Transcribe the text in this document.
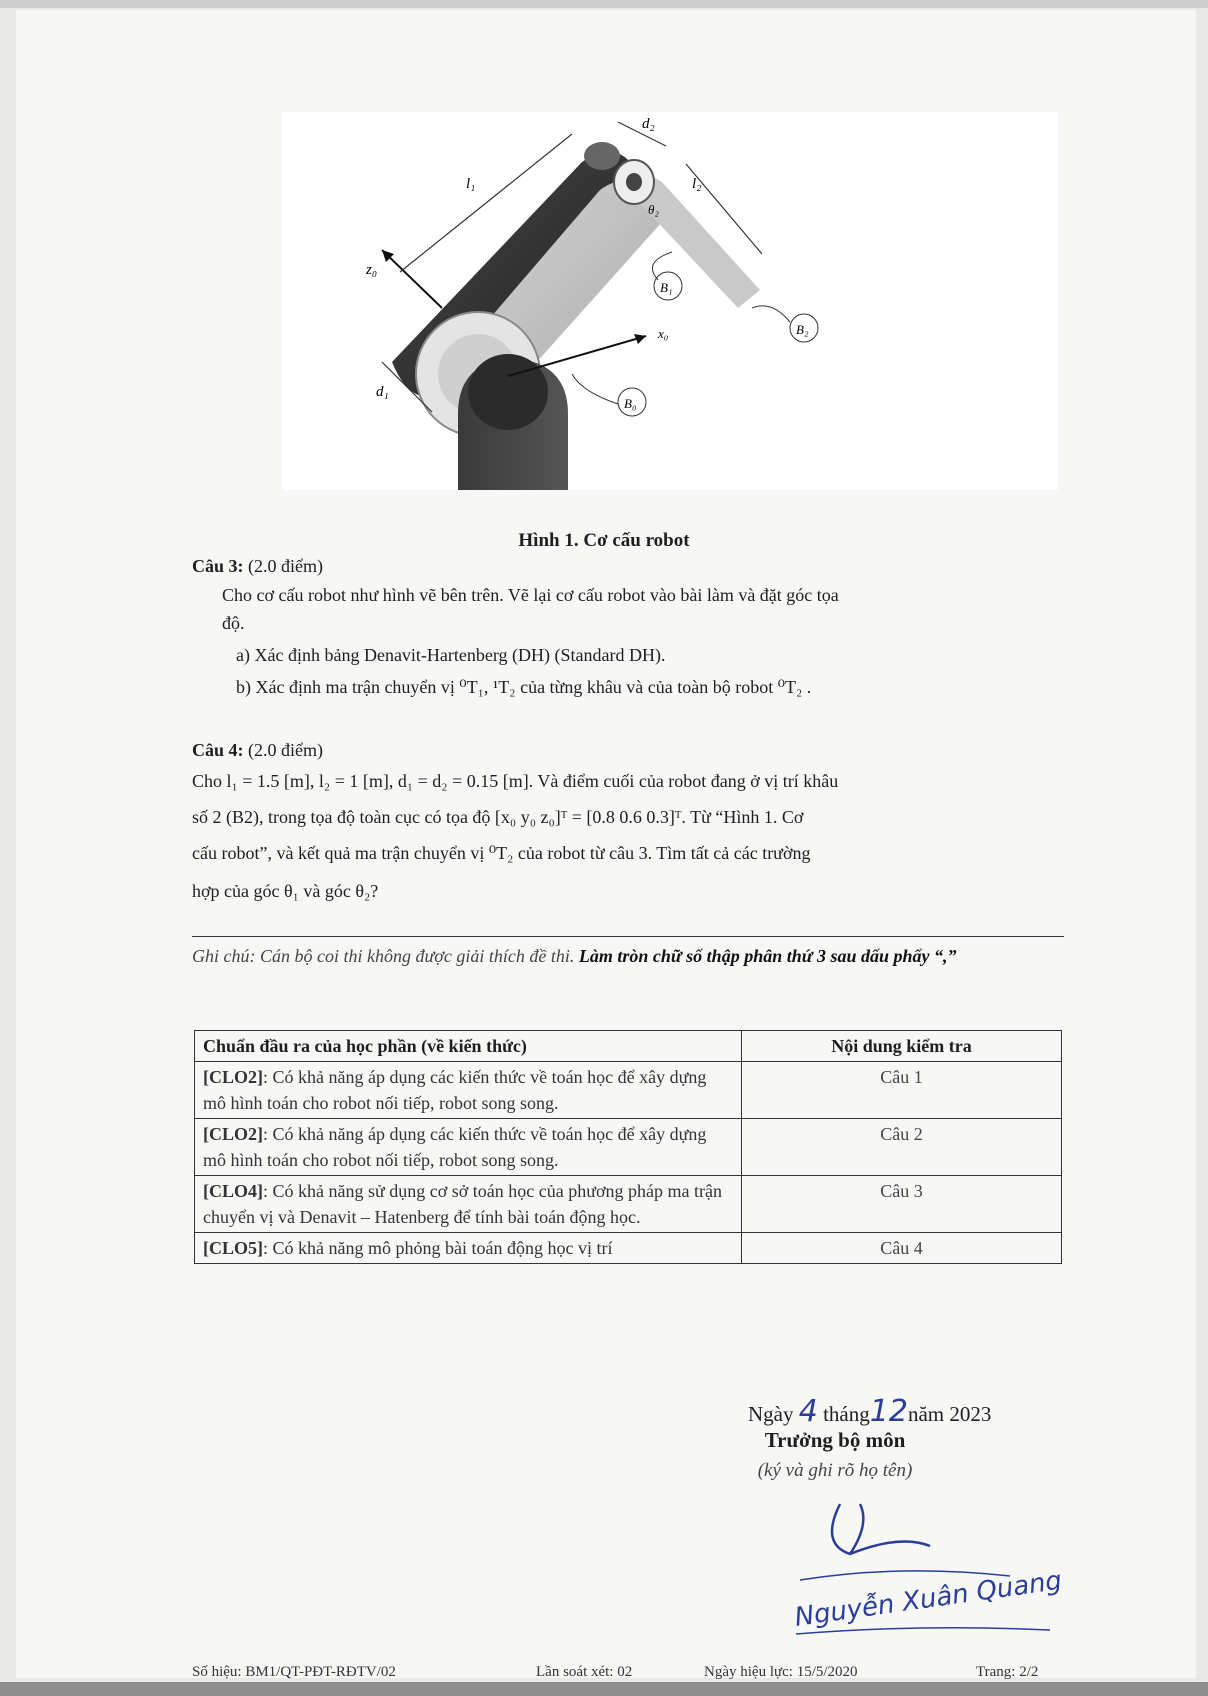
d₂
l₁	l₂
z₀
x₀
d₁
θ₂
B₁
B₂
B₀
Hình 1. Cơ cấu robot
Câu 3: (2.0 điểm)
Cho cơ cấu robot như hình vẽ bên trên. Vẽ lại cơ cấu robot vào bài làm và đặt góc tọa
độ.
a) Xác định bảng Denavit-Hartenberg (DH) (Standard DH).
b) Xác định ma trận chuyển vị ⁰T₁, ¹T₂ của từng khâu và của toàn bộ robot ⁰T₂ .
Câu 4: (2.0 điểm)
Cho l₁ = 1.5 [m], l₂ = 1 [m], d₁ = d₂ = 0.15 [m]. Và điểm cuối của robot đang ở vị trí khâu
số 2 (B2), trong tọa độ toàn cục có tọa độ [x₀ y₀ z₀]ᵀ = [0.8 0.6 0.3]ᵀ. Từ “Hình 1. Cơ
cấu robot”, và kết quả ma trận chuyển vị ⁰T₂ của robot từ câu 3. Tìm tất cả các trường
hợp của góc θ₁ và góc θ₂?
Ghi chú: Cán bộ coi thi không được giải thích đề thi. Làm tròn chữ số thập phân thứ 3 sau dấu phẩy “,”
Chuẩn đầu ra của học phần (về kiến thức)	Nội dung kiểm tra
[CLO2]: Có khả năng áp dụng các kiến thức về toán học để xây dựng mô hình toán cho robot nối tiếp, robot song song.	Câu 1
[CLO2]: Có khả năng áp dụng các kiến thức về toán học để xây dựng mô hình toán cho robot nối tiếp, robot song song.	Câu 2
[CLO4]: Có khả năng sử dụng cơ sở toán học của phương pháp ma trận chuyển vị và Denavit – Hatenberg để tính bài toán động học.	Câu 3
[CLO5]: Có khả năng mô phỏng bài toán động học vị trí	Câu 4
Ngày 4 tháng12năm 2023
Trưởng bộ môn
(ký và ghi rõ họ tên)
Nguyễn Xuân Quang
Số hiệu: BM1/QT-PĐT-RĐTV/02	Lần soát xét: 02	Ngày hiệu lực: 15/5/2020	Trang: 2/2
